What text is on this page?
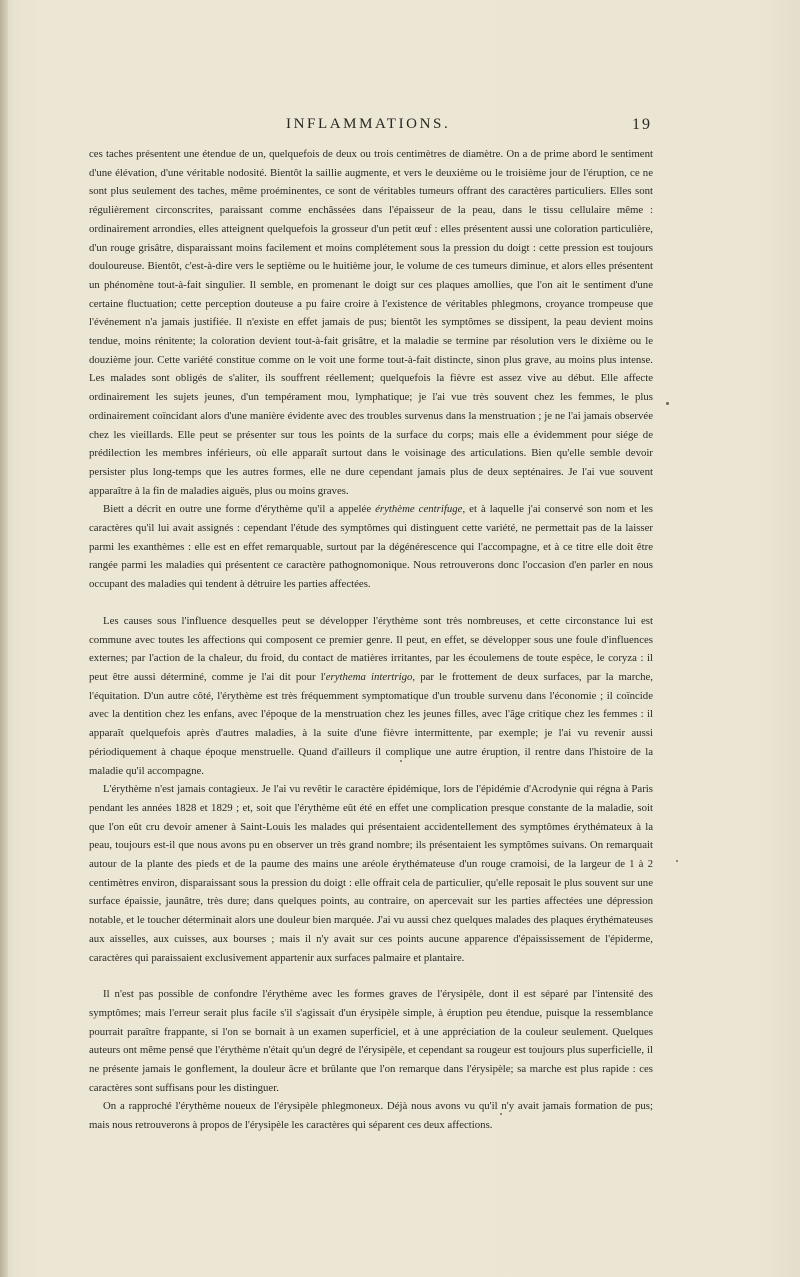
INFLAMMATIONS.	19

ces taches présentent une étendue de un, quelquefois de deux ou trois centimètres de diamètre. On a de prime abord le sentiment d'une élévation, d'une véritable nodosité. Bientôt la saillie augmente, et vers le deuxième ou le troisième jour de l'éruption, ce ne sont plus seulement des taches, même proéminentes, ce sont de véritables tumeurs offrant des caractères particuliers. Elles sont régulièrement circonscrites, paraissant comme enchâssées dans l'épaisseur de la peau, dans le tissu cellulaire même : ordinairement arrondies, elles atteignent quelquefois la grosseur d'un petit œuf : elles présentent aussi une coloration particulière, d'un rouge grisâtre, disparaissant moins facilement et moins complétement sous la pression du doigt : cette pression est toujours douloureuse. Bientôt, c'est-à-dire vers le septième ou le huitième jour, le volume de ces tumeurs diminue, et alors elles présentent un phénomène tout-à-fait singulier. Il semble, en promenant le doigt sur ces plaques amollies, que l'on ait le sentiment d'une certaine fluctuation; cette perception douteuse a pu faire croire à l'existence de véritables phlegmons, croyance trompeuse que l'événement n'a jamais justifiée. Il n'existe en effet jamais de pus; bientôt les symptômes se dissipent, la peau devient moins tendue, moins rénitente; la coloration devient tout-à-fait grisâtre, et la maladie se termine par résolution vers le dixième ou le douzième jour. Cette variété constitue comme on le voit une forme tout-à-fait distincte, sinon plus grave, au moins plus intense. Les malades sont obligés de s'aliter, ils souffrent réellement; quelquefois la fièvre est assez vive au début. Elle affecte ordinairement les sujets jeunes, d'un tempérament mou, lymphatique; je l'ai vue très souvent chez les femmes, le plus ordinairement coïncidant alors d'une manière évidente avec des troubles survenus dans la menstruation ; je ne l'ai jamais observée chez les vieillards. Elle peut se présenter sur tous les points de la surface du corps; mais elle a évidemment pour siége de prédilection les membres inférieurs, où elle apparaît surtout dans le voisinage des articulations. Bien qu'elle semble devoir persister plus long-temps que les autres formes, elle ne dure cependant jamais plus de deux septénaires. Je l'ai vue souvent apparaître à la fin de maladies aiguës, plus ou moins graves.

Biett a décrit en outre une forme d'érythème qu'il a appelée érythème centrifuge, et à laquelle j'ai conservé son nom et les caractères qu'il lui avait assignés : cependant l'étude des symptômes qui distinguent cette variété, ne permettait pas de la laisser parmi les exanthèmes : elle est en effet remarquable, surtout par la dégénérescence qui l'accompagne, et à ce titre elle doit être rangée parmi les maladies qui présentent ce caractère pathognomonique. Nous retrouverons donc l'occasion d'en parler en nous occupant des maladies qui tendent à détruire les parties affectées.

Les causes sous l'influence desquelles peut se développer l'érythème sont très nombreuses, et cette circonstance lui est commune avec toutes les affections qui composent ce premier genre. Il peut, en effet, se développer sous une foule d'influences externes; par l'action de la chaleur, du froid, du contact de matières irritantes, par les écoulemens de toute espèce, le coryza : il peut être aussi déterminé, comme je l'ai dit pour l'erythema intertrigo, par le frottement de deux surfaces, par la marche, l'équitation. D'un autre côté, l'érythème est très fréquemment symptomatique d'un trouble survenu dans l'économie ; il coïncide avec la dentition chez les enfans, avec l'époque de la menstruation chez les jeunes filles, avec l'âge critique chez les femmes : il apparaît quelquefois après d'autres maladies, à la suite d'une fièvre intermittente, par exemple; je l'ai vu revenir aussi périodiquement à chaque époque menstruelle. Quand d'ailleurs il complique une autre éruption, il rentre dans l'histoire de la maladie qu'il accompagne.

L'érythème n'est jamais contagieux. Je l'ai vu revêtir le caractère épidémique, lors de l'épidémie d'Acrodynie qui régna à Paris pendant les années 1828 et 1829 ; et, soit que l'érythème eût été en effet une complication presque constante de la maladie, soit que l'on eût cru devoir amener à Saint-Louis les malades qui présentaient accidentellement des symptômes érythémateux à la peau, toujours est-il que nous avons pu en observer un très grand nombre; ils présentaient les symptômes suivans. On remarquait autour de la plante des pieds et de la paume des mains une aréole érythémateuse d'un rouge cramoisi, de la largeur de 1 à 2 centimètres environ, disparaissant sous la pression du doigt : elle offrait cela de particulier, qu'elle reposait le plus souvent sur une surface épaissie, jaunâtre, très dure; dans quelques points, au contraire, on apercevait sur les parties affectées une dépression notable, et le toucher déterminait alors une douleur bien marquée. J'ai vu aussi chez quelques malades des plaques érythémateuses aux aisselles, aux cuisses, aux bourses ; mais il n'y avait sur ces points aucune apparence d'épaississement de l'épiderme, caractères qui paraissaient exclusivement appartenir aux surfaces palmaire et plantaire.

Il n'est pas possible de confondre l'érythème avec les formes graves de l'érysipèle, dont il est séparé par l'intensité des symptômes; mais l'erreur serait plus facile s'il s'agissait d'un érysipèle simple, à éruption peu étendue, puisque la ressemblance pourrait paraître frappante, si l'on se bornait à un examen superficiel, et à une appréciation de la couleur seulement. Quelques auteurs ont même pensé que l'érythème n'était qu'un degré de l'érysipèle, et cependant sa rougeur est toujours plus superficielle, il ne présente jamais le gonflement, la douleur âcre et brûlante que l'on remarque dans l'érysipèle; sa marche est plus rapide : ces caractères sont suffisans pour les distinguer.

On a rapproché l'érythème noueux de l'érysipèle phlegmoneux. Déjà nous avons vu qu'il n'y avait jamais formation de pus; mais nous retrouverons à propos de l'érysipèle les caractères qui séparent ces deux affections.
